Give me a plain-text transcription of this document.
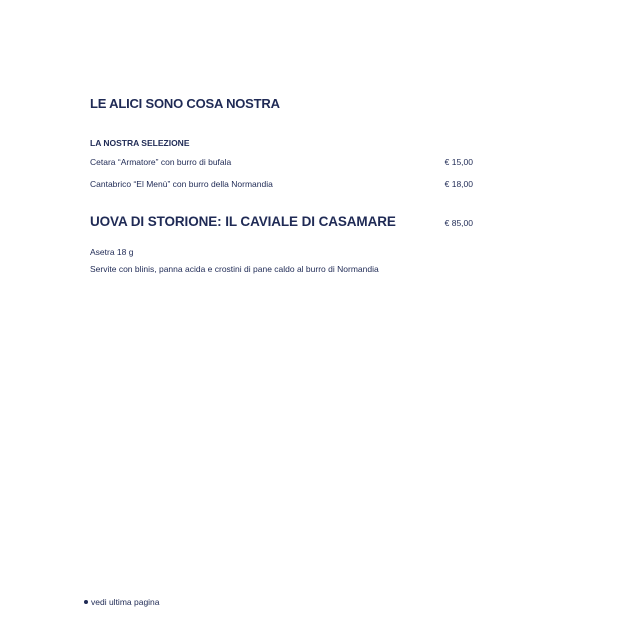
LE ALICI SONO COSA NOSTRA
LA NOSTRA SELEZIONE
Cetara “Armatore” con burro di bufala	€ 15,00
Cantabrico “El Menù” con burro della Normandia	€ 18,00
UOVA DI STORIONE: IL CAVIALE DI CASAMARE	€ 85,00
Asetra 18 g
Servite con blinis, panna acida e crostini di pane caldo al burro di Normandia
vedi ultima pagina
